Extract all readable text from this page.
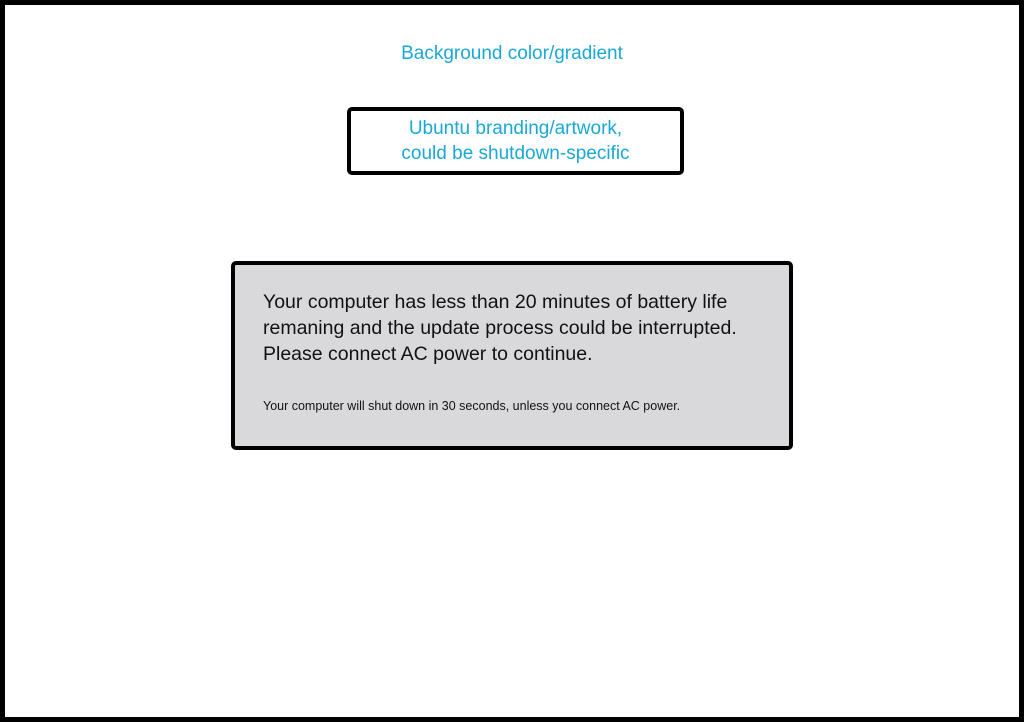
Background color/gradient
Ubuntu branding/artwork,
could be shutdown-specific
Your computer has less than 20 minutes of battery life
remaning and the update process could be interrupted.
Please connect AC power to continue.
Your computer will shut down in 30 seconds, unless you connect AC power.
